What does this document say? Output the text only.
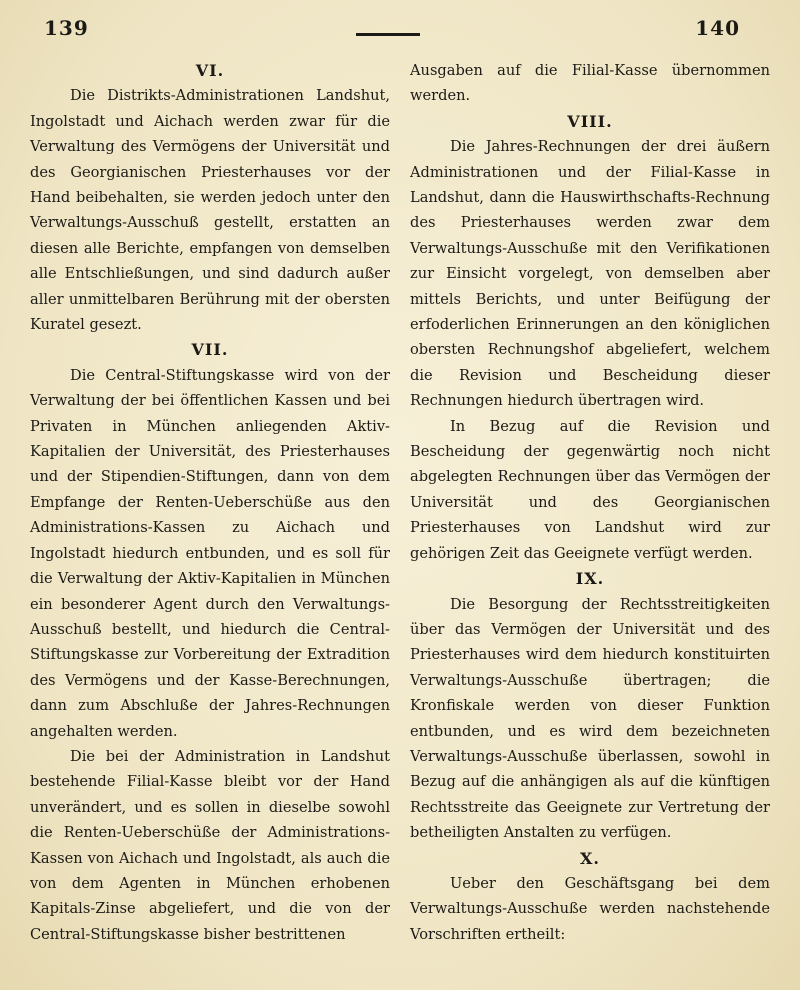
139	140
VI.

Die Distrikts-Administrationen Landshut, Ingolstadt und Aichach werden zwar für die Verwaltung des Vermögens der Universität und des Georgianischen Priesterhauses vor der Hand beibehalten, sie werden jedoch unter den Verwaltungs-Ausschuß gestellt, erstatten an diesen alle Berichte, empfangen von demselben alle Entschließungen, und sind dadurch außer aller unmittelbaren Berührung mit der obersten Kuratel gesezt.

VII.

Die Central-Stiftungskasse wird von der Verwaltung der bei öffentlichen Kassen und bei Privaten in München anliegenden Aktiv-Kapitalien der Universität, des Priesterhauses und der Stipendien-Stiftungen, dann von dem Empfange der Renten-Ueberschüße aus den Administrations-Kassen zu Aichach und Ingolstadt hiedurch entbunden, und es soll für die Verwaltung der Aktiv-Kapitalien in München ein besonderer Agent durch den Verwaltungs-Ausschuß bestellt, und hiedurch die Central-Stiftungskasse zur Vorbereitung der Extradition des Vermögens und der Kasse-Berechnungen, dann zum Abschluße der Jahres-Rechnungen angehalten werden.

Die bei der Administration in Landshut bestehende Filial-Kasse bleibt vor der Hand unverändert, und es sollen in dieselbe sowohl die Renten-Ueberschüße der Administrations-Kassen von Aichach und Ingolstadt, als auch die von dem Agenten in München erhobenen Kapitals-Zinse abgeliefert, und die von der Central-Stiftungskasse bisher bestrittenen

Ausgaben auf die Filial-Kasse übernommen werden.

VIII.

Die Jahres-Rechnungen der drei äußern Administrationen und der Filial-Kasse in Landshut, dann die Hauswirthschafts-Rechnung des Priesterhauses werden zwar dem Verwaltungs-Ausschuße mit den Verifikationen zur Einsicht vorgelegt, von demselben aber mittels Berichts, und unter Beifügung der erfoderlichen Erinnerungen an den königlichen obersten Rechnungshof abgeliefert, welchem die Revision und Bescheidung dieser Rechnungen hiedurch übertragen wird.

In Bezug auf die Revision und Bescheidung der gegenwärtig noch nicht abgelegten Rechnungen über das Vermögen der Universität und des Georgianischen Priesterhauses von Landshut wird zur gehörigen Zeit das Geeignete verfügt werden.

IX.

Die Besorgung der Rechtsstreitigkeiten über das Vermögen der Universität und des Priesterhauses wird dem hiedurch konstituirten Verwaltungs-Ausschuße übertragen; die Kronfiskale werden von dieser Funktion entbunden, und es wird dem bezeichneten Verwaltungs-Ausschuße überlassen, sowohl in Bezug auf die anhängigen als auf die künftigen Rechtsstreite das Geeignete zur Vertretung der betheiligten Anstalten zu verfügen.

X.

Ueber den Geschäftsgang bei dem Verwaltungs-Ausschuße werden nachstehende Vorschriften ertheilt:
